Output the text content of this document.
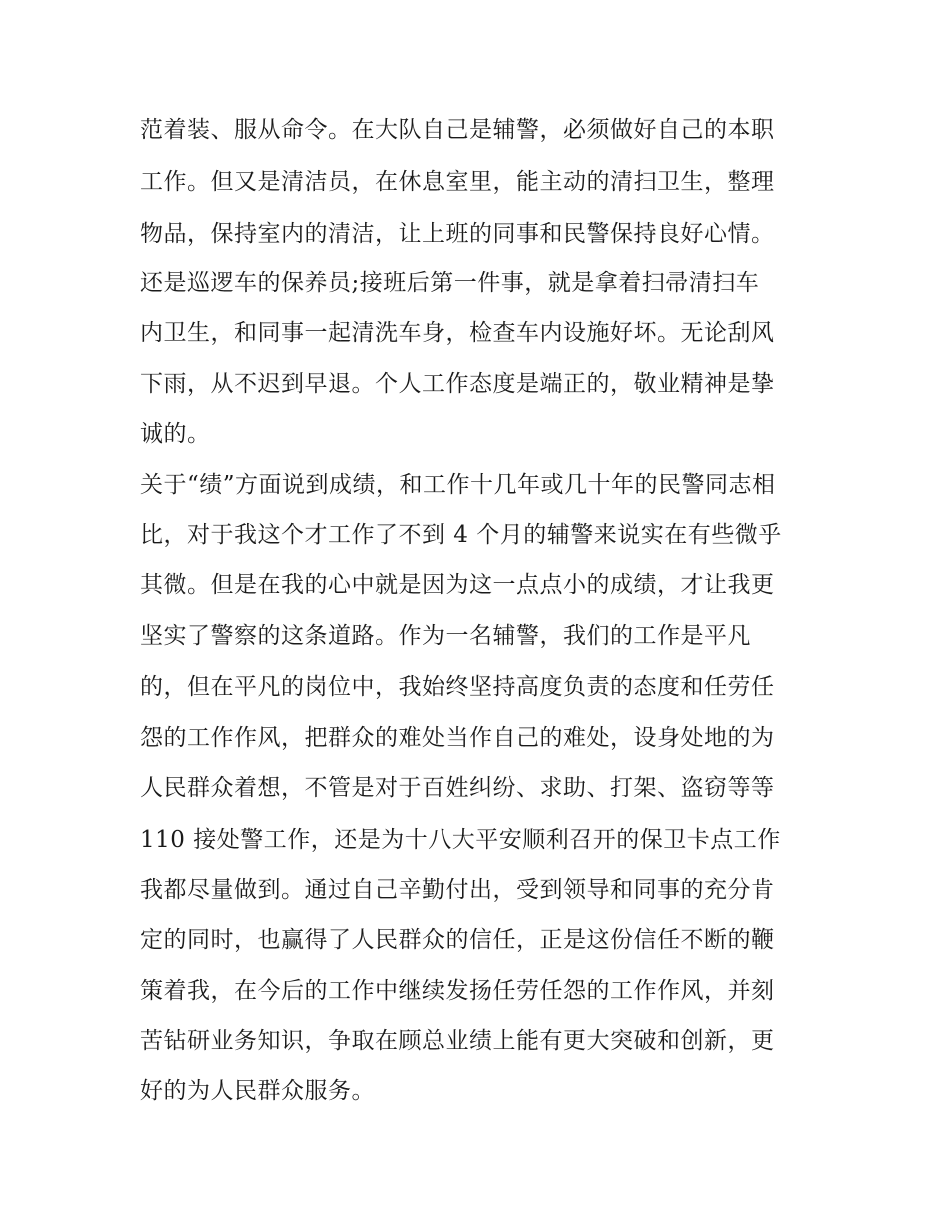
范着装、服从命令。在大队自己是辅警，必须做好自己的本职
工作。但又是清洁员，在休息室里，能主动的清扫卫生，整理
物品，保持室内的清洁，让上班的同事和民警保持良好心情。
还是巡逻车的保养员;接班后第一件事，就是拿着扫帚清扫车
内卫生，和同事一起清洗车身，检查车内设施好坏。无论刮风
下雨，从不迟到早退。个人工作态度是端正的，敬业精神是挚
诚的。
关于“绩”方面说到成绩，和工作十几年或几十年的民警同志相
比，对于我这个才工作了不到 4 个月的辅警来说实在有些微乎
其微。但是在我的心中就是因为这一点点小的成绩，才让我更
坚实了警察的这条道路。作为一名辅警，我们的工作是平凡
的，但在平凡的岗位中，我始终坚持高度负责的态度和任劳任
怨的工作作风，把群众的难处当作自己的难处，设身处地的为
人民群众着想，不管是对于百姓纠纷、求助、打架、盗窃等等
110 接处警工作，还是为十八大平安顺利召开的保卫卡点工作
我都尽量做到。通过自己辛勤付出，受到领导和同事的充分肯
定的同时，也赢得了人民群众的信任，正是这份信任不断的鞭
策着我，在今后的工作中继续发扬任劳任怨的工作作风，并刻
苦钻研业务知识，争取在顾总业绩上能有更大突破和创新，更
好的为人民群众服务。
